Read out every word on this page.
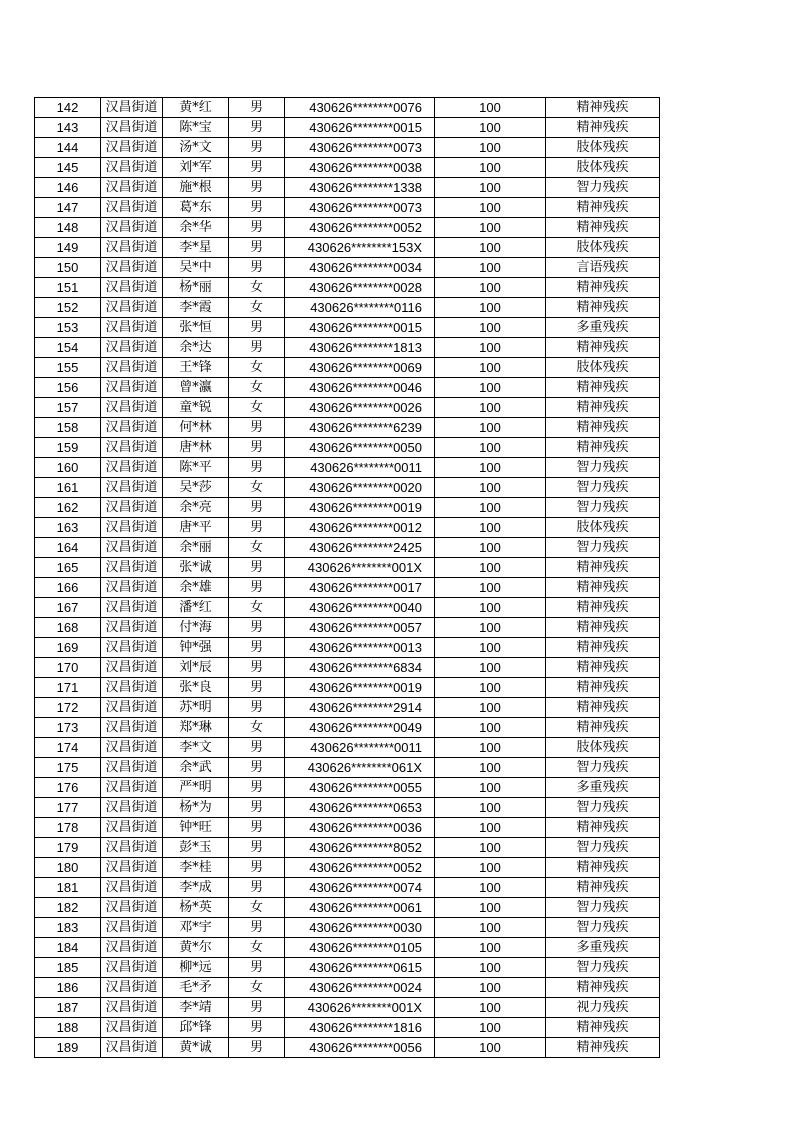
142	汉昌街道	黄*红	男	430626********0076	100	精神残疾
143	汉昌街道	陈*宝	男	430626********0015	100	精神残疾
144	汉昌街道	汤*文	男	430626********0073	100	肢体残疾
145	汉昌街道	刘*军	男	430626********0038	100	肢体残疾
146	汉昌街道	施*根	男	430626********1338	100	智力残疾
147	汉昌街道	葛*东	男	430626********0073	100	精神残疾
148	汉昌街道	余*华	男	430626********0052	100	精神残疾
149	汉昌街道	李*星	男	430626********153X	100	肢体残疾
150	汉昌街道	吴*中	男	430626********0034	100	言语残疾
151	汉昌街道	杨*丽	女	430626********0028	100	精神残疾
152	汉昌街道	李*霞	女	430626********0116	100	精神残疾
153	汉昌街道	张*恒	男	430626********0015	100	多重残疾
154	汉昌街道	余*达	男	430626********1813	100	精神残疾
155	汉昌街道	王*锋	女	430626********0069	100	肢体残疾
156	汉昌街道	曾*瀛	女	430626********0046	100	精神残疾
157	汉昌街道	童*锐	女	430626********0026	100	精神残疾
158	汉昌街道	何*林	男	430626********6239	100	精神残疾
159	汉昌街道	唐*林	男	430626********0050	100	精神残疾
160	汉昌街道	陈*平	男	430626********0011	100	智力残疾
161	汉昌街道	吴*莎	女	430626********0020	100	智力残疾
162	汉昌街道	余*亮	男	430626********0019	100	智力残疾
163	汉昌街道	唐*平	男	430626********0012	100	肢体残疾
164	汉昌街道	余*丽	女	430626********2425	100	智力残疾
165	汉昌街道	张*诚	男	430626********001X	100	精神残疾
166	汉昌街道	余*雄	男	430626********0017	100	精神残疾
167	汉昌街道	潘*红	女	430626********0040	100	精神残疾
168	汉昌街道	付*海	男	430626********0057	100	精神残疾
169	汉昌街道	钟*强	男	430626********0013	100	精神残疾
170	汉昌街道	刘*辰	男	430626********6834	100	精神残疾
171	汉昌街道	张*良	男	430626********0019	100	精神残疾
172	汉昌街道	苏*明	男	430626********2914	100	精神残疾
173	汉昌街道	郑*琳	女	430626********0049	100	精神残疾
174	汉昌街道	李*文	男	430626********0011	100	肢体残疾
175	汉昌街道	余*武	男	430626********061X	100	智力残疾
176	汉昌街道	严*明	男	430626********0055	100	多重残疾
177	汉昌街道	杨*为	男	430626********0653	100	智力残疾
178	汉昌街道	钟*旺	男	430626********0036	100	精神残疾
179	汉昌街道	彭*玉	男	430626********8052	100	智力残疾
180	汉昌街道	李*桂	男	430626********0052	100	精神残疾
181	汉昌街道	李*成	男	430626********0074	100	精神残疾
182	汉昌街道	杨*英	女	430626********0061	100	智力残疾
183	汉昌街道	邓*宇	男	430626********0030	100	智力残疾
184	汉昌街道	黄*尔	女	430626********0105	100	多重残疾
185	汉昌街道	柳*远	男	430626********0615	100	智力残疾
186	汉昌街道	毛*矛	女	430626********0024	100	精神残疾
187	汉昌街道	李*靖	男	430626********001X	100	视力残疾
188	汉昌街道	邱*锋	男	430626********1816	100	精神残疾
189	汉昌街道	黄*诚	男	430626********0056	100	精神残疾
